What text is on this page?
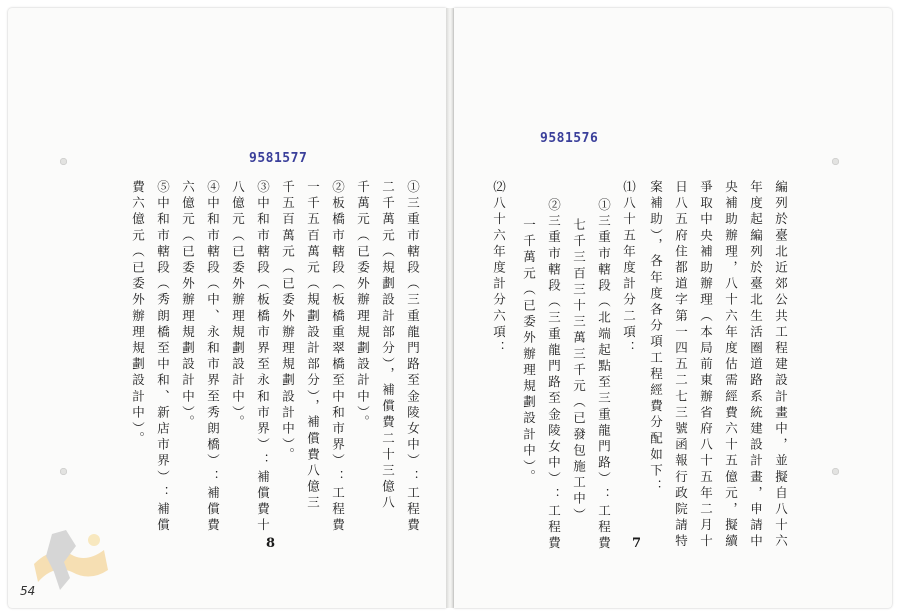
9581577
①三重市轄段（三重龍門路至金陵女中）：工程費
二千萬元（規劃設計部分），補償費二十三億八
千萬元（已委外辦理規劃設計中）。
②板橋市轄段（板橋重翠橋至中和市界）：工程費
一千五百萬元（規劃設計部分），補償費八億三
千五百萬元（已委外辦理規劃設計中）。
③中和市轄段（板橋市界至永和市界）：補償費十
八億元（已委外辦理規劃設計中）。
④中和市轄段（中、永和市界至秀朗橋）：補償費
六億元（已委外辦理規劃設計中）。
⑤中和市轄段（秀朗橋至中和、新店市界）：補償
費六億元（已委外辦理規劃設計中）。
8
54
9581576
編列於臺北近郊公共工程建設計畫中，並擬自八十六
年度起編列於臺北生活圈道路系統建設計畫，申請中
央補助辦理，八十六年度估需經費六十五億元，擬續
爭取中央補助辦理（本局前東辦省府八十五年二月十
日八五府住都道字第一四五二七三號函報行政院請特
案補助），各年度各分項工程經費分配如下：
⑴八十五年度計分二項：
①三重市轄段（北端起點至三重龍門路）：工程費
七千三百三十三萬三千元（已發包施工中）
②三重市轄段（三重龍門路至金陵女中）：工程費
一千萬元（已委外辦理規劃設計中）。
⑵八十六年度計分六項：
7
